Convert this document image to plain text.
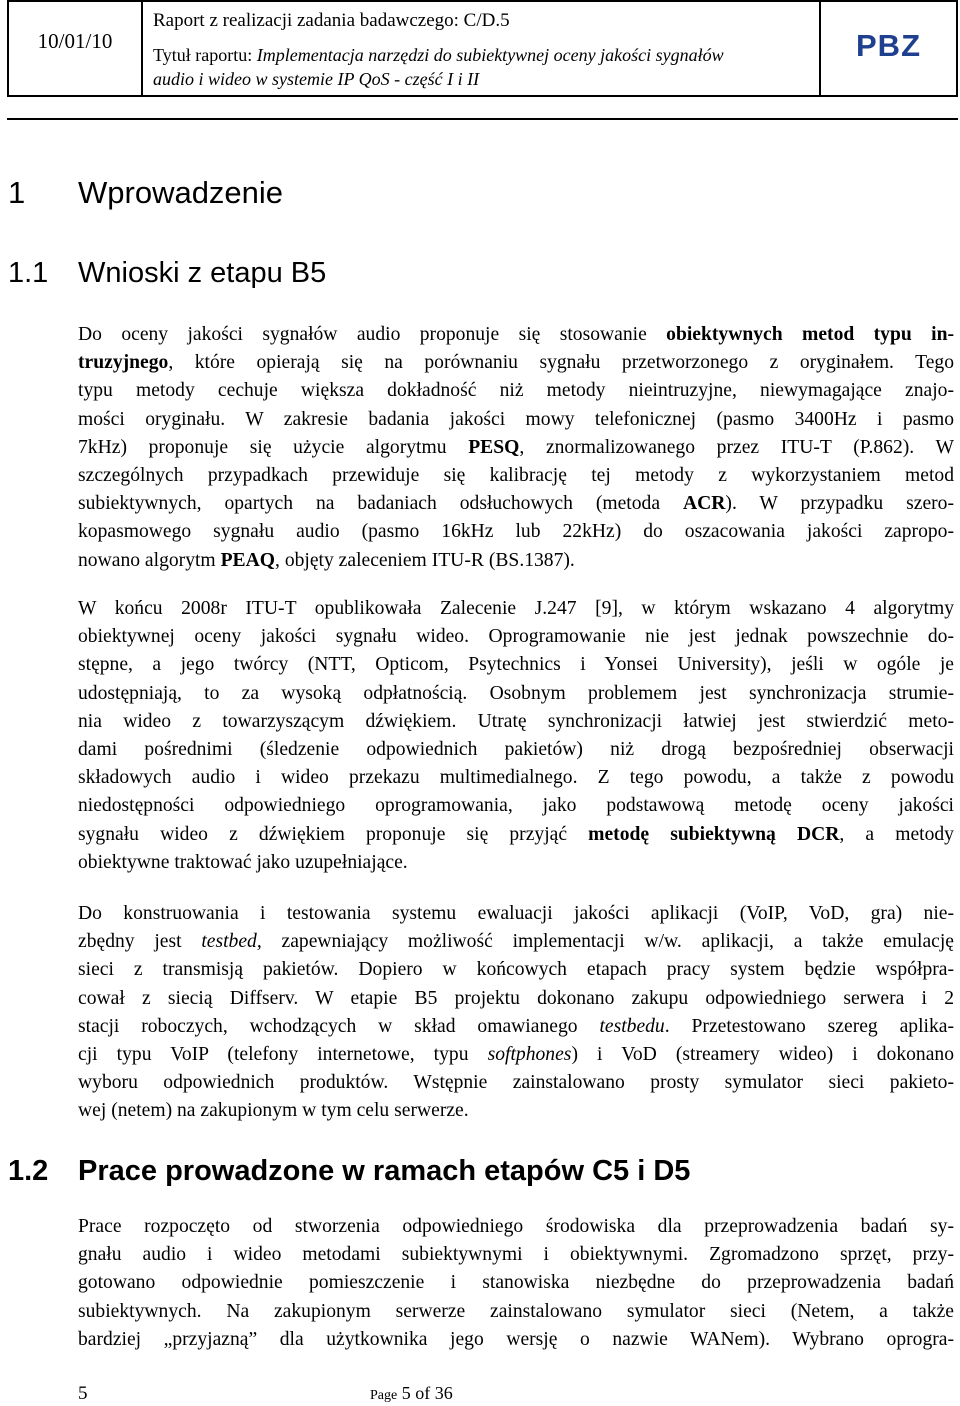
10/01/10
Raport z realizacji zadania badawczego: C/D.5
Tytuł raportu: Implementacja narzędzi do subiektywnej oceny jakości sygnałów
audio i wideo w systemie IP QoS - część I i II
PBZ
1 Wprowadzenie
1.1 Wnioski z etapu B5
Do oceny jakości sygnałów audio proponuje się stosowanie obiektywnych metod typu in-
truzyjnego, które opierają się na porównaniu sygnału przetworzonego z oryginałem. Tego
typu metody cechuje większa dokładność niż metody nieintruzyjne, niewymagające znajo-
mości oryginału. W zakresie badania jakości mowy telefonicznej (pasmo 3400Hz i pasmo
7kHz) proponuje się użycie algorytmu PESQ, znormalizowanego przez ITU-T (P.862). W
szczególnych przypadkach przewiduje się kalibrację tej metody z wykorzystaniem metod
subiektywnych, opartych na badaniach odsłuchowych (metoda ACR). W przypadku szero-
kopasmowego sygnału audio (pasmo 16kHz lub 22kHz) do oszacowania jakości zapropo-
nowano algorytm PEAQ, objęty zaleceniem ITU-R (BS.1387).
W końcu 2008r ITU-T opublikowała Zalecenie J.247 [9], w którym wskazano 4 algorytmy
obiektywnej oceny jakości sygnału wideo. Oprogramowanie nie jest jednak powszechnie do-
stępne, a jego twórcy (NTT, Opticom, Psytechnics i Yonsei University), jeśli w ogóle je
udostępniają, to za wysoką odpłatnością. Osobnym problemem jest synchronizacja strumie-
nia wideo z towarzyszącym dźwiękiem. Utratę synchronizacji łatwiej jest stwierdzić meto-
dami pośrednimi (śledzenie odpowiednich pakietów) niż drogą bezpośredniej obserwacji
składowych audio i wideo przekazu multimedialnego. Z tego powodu, a także z powodu
niedostępności odpowiedniego oprogramowania, jako podstawową metodę oceny jakości
sygnału wideo z dźwiękiem proponuje się przyjąć metodę subiektywną DCR, a metody
obiektywne traktować jako uzupełniające.
Do konstruowania i testowania systemu ewaluacji jakości aplikacji (VoIP, VoD, gra) nie-
zbędny jest testbed, zapewniający możliwość implementacji w/w. aplikacji, a także emulację
sieci z transmisją pakietów. Dopiero w końcowych etapach pracy system będzie współpra-
cował z siecią Diffserv. W etapie B5 projektu dokonano zakupu odpowiedniego serwera i 2
stacji roboczych, wchodzących w skład omawianego testbedu. Przetestowano szereg aplika-
cji typu VoIP (telefony internetowe, typu softphones) i VoD (streamery wideo) i dokonano
wyboru odpowiednich produktów. Wstępnie zainstalowano prosty symulator sieci pakieto-
wej (netem) na zakupionym w tym celu serwerze.
1.2 Prace prowadzone w ramach etapów C5 i D5
Prace rozpoczęto od stworzenia odpowiedniego środowiska dla przeprowadzenia badań sy-
gnału audio i wideo metodami subiektywnymi i obiektywnymi. Zgromadzono sprzęt, przy-
gotowano odpowiednie pomieszczenie i stanowiska niezbędne do przeprowadzenia badań
subiektywnych. Na zakupionym serwerze zainstalowano symulator sieci (Netem, a także
bardziej „przyjazną” dla użytkownika jego wersję o nazwie WANem). Wybrano oprogra-
5	Page 5 of 36
